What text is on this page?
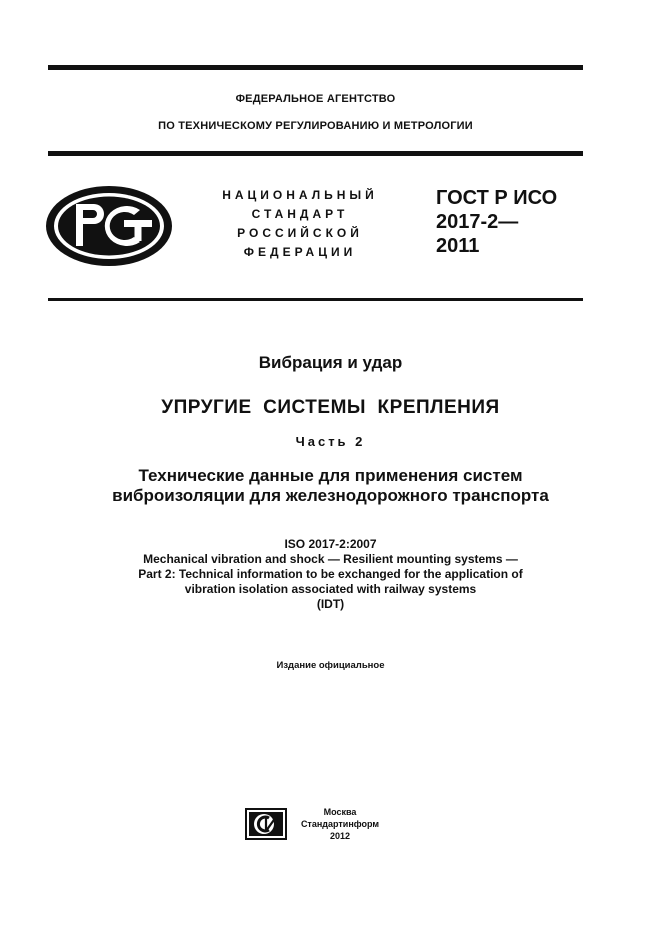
ФЕДЕРАЛЬНОЕ АГЕНТСТВО
ПО ТЕХНИЧЕСКОМУ РЕГУЛИРОВАНИЮ И МЕТРОЛОГИИ
НАЦИОНАЛЬНЫЙ
СТАНДАРТ
РОССИЙСКОЙ
ФЕДЕРАЦИИ
ГОСТ Р ИСО
2017-2—
2011
Вибрация и удар
УПРУГИЕ  СИСТЕМЫ  КРЕПЛЕНИЯ
Часть 2
Технические данные для применения систем
виброизоляции для железнодорожного транспорта
ISO 2017-2:2007
Mechanical vibration and shock — Resilient mounting systems —
Part 2: Technical information to be exchanged for the application of
vibration isolation associated with railway systems
(IDT)
Издание официальное
Москва
Стандартинформ
2012
